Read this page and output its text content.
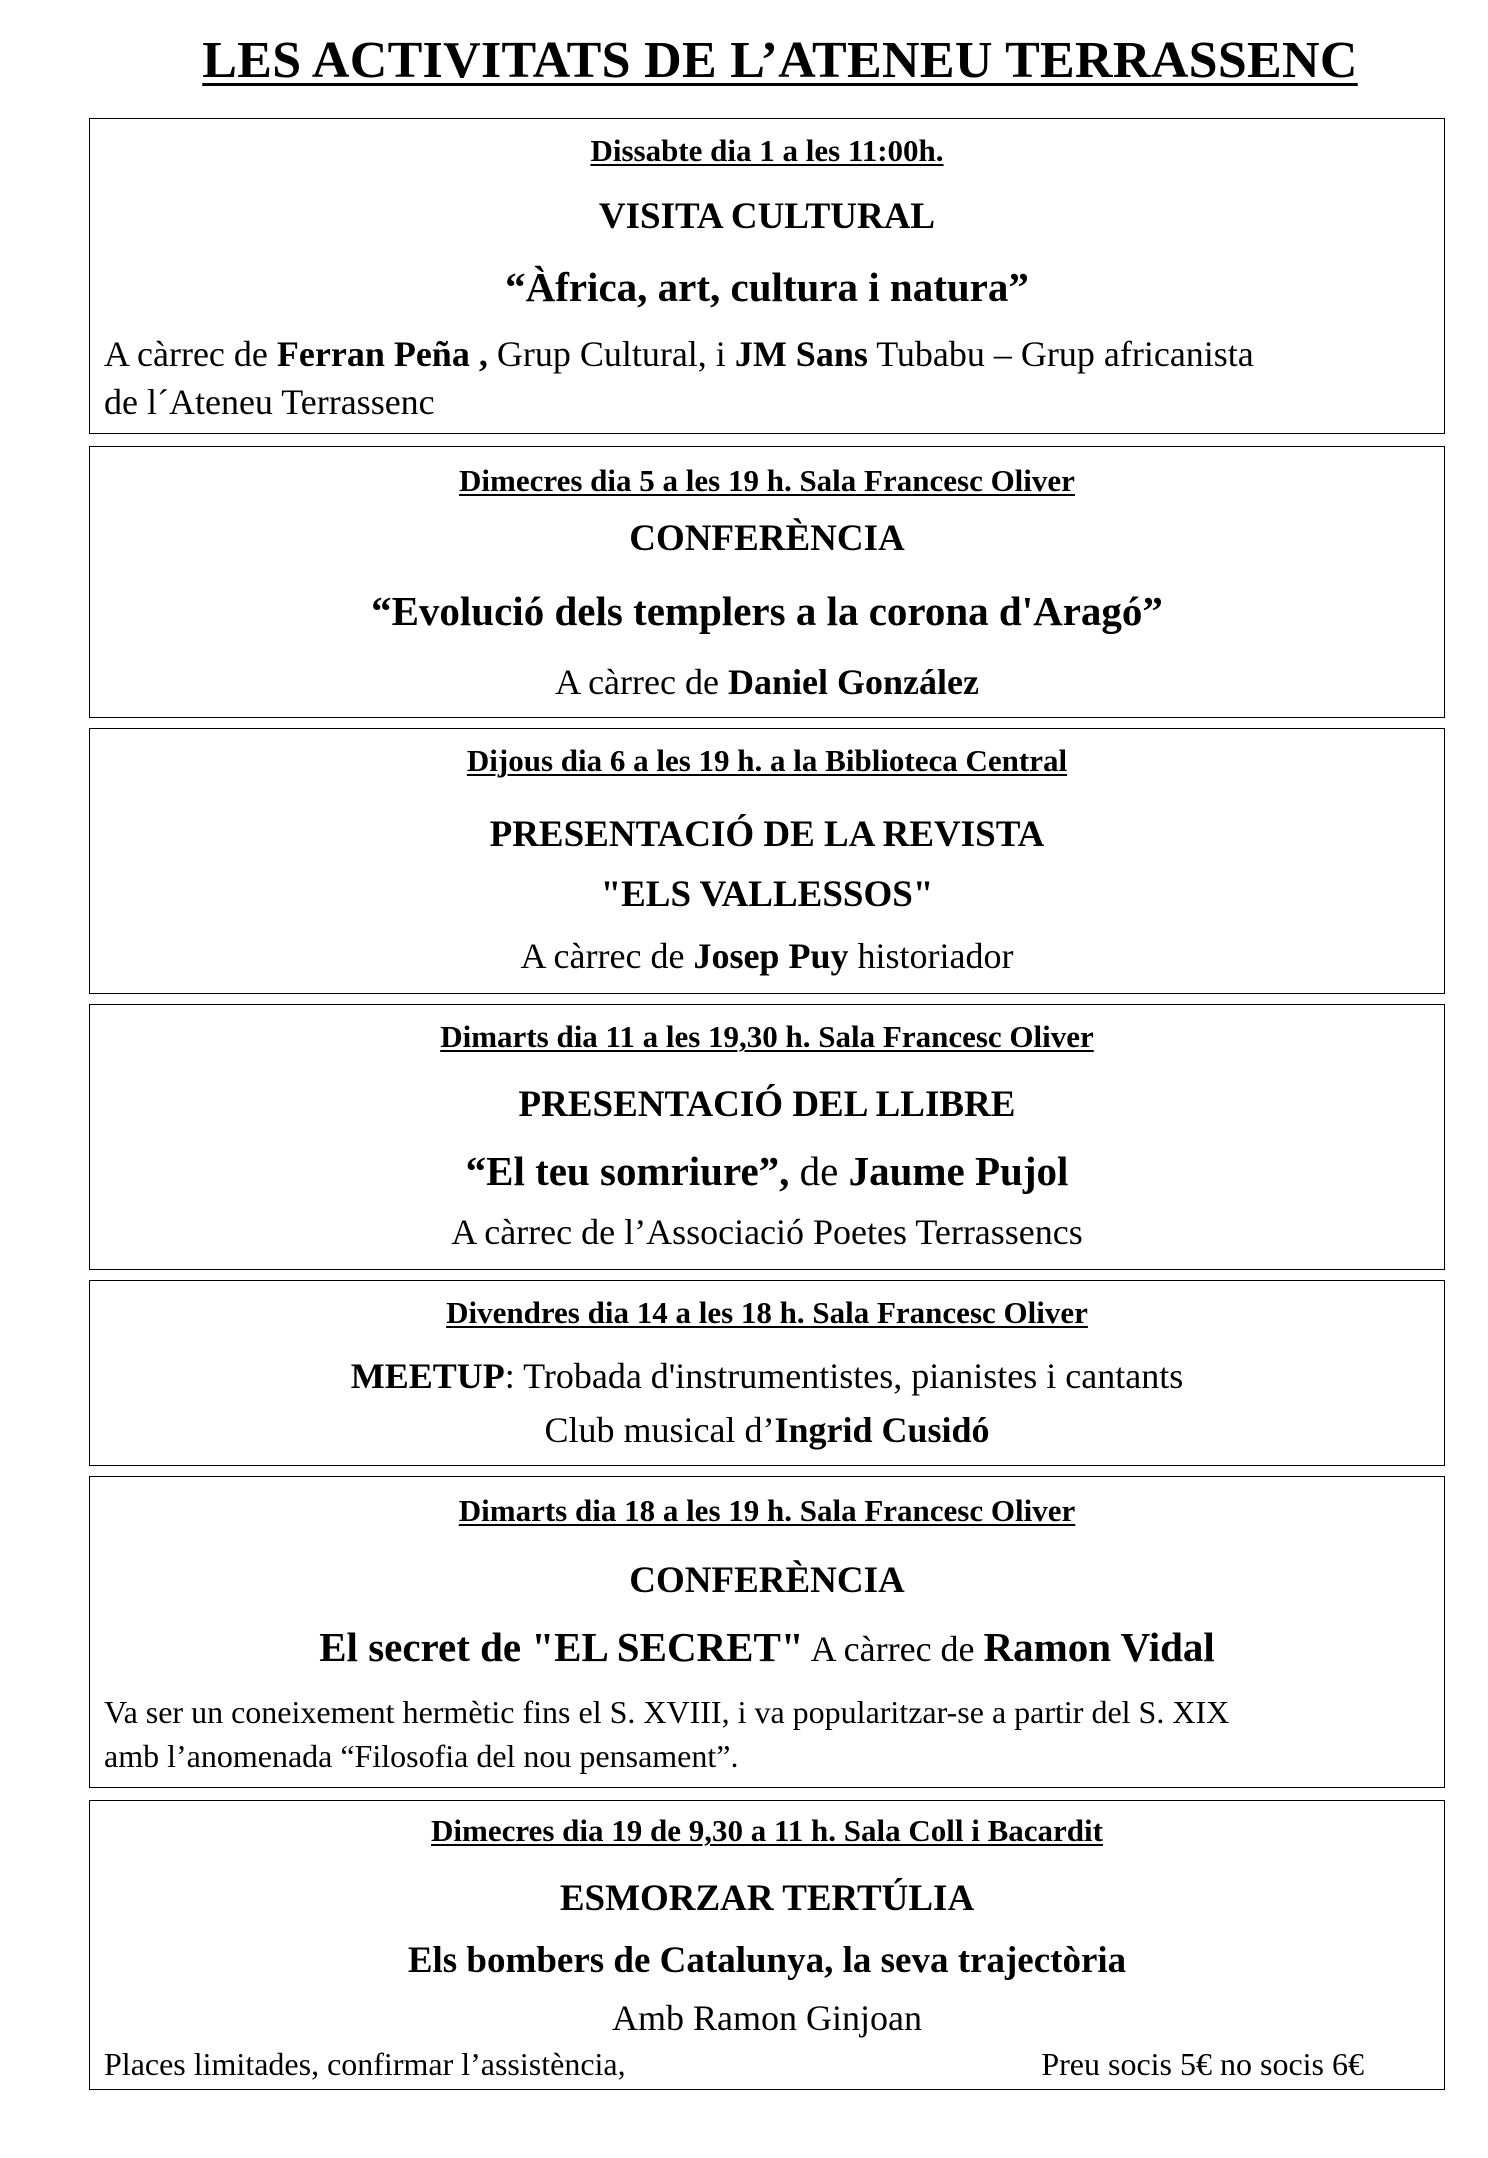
LES ACTIVITATS DE L’ATENEU TERRASSENC
Dissabte dia 1 a les 11:00h.
VISITA CULTURAL
“Àfrica, art, cultura i natura”
A càrrec de Ferran Peña , Grup Cultural, i JM Sans Tubabu – Grup africanista
de l´Ateneu Terrassenc
Dimecres dia 5 a les 19 h. Sala Francesc Oliver
CONFERÈNCIA
“Evolució dels templers a la corona d'Aragó”
A càrrec de Daniel González
Dijous dia 6 a les 19 h. a la Biblioteca Central
PRESENTACIÓ DE LA REVISTA
"ELS VALLESSOS"
A càrrec de Josep Puy historiador
Dimarts dia 11 a les 19,30 h. Sala Francesc Oliver
PRESENTACIÓ DEL LLIBRE
“El teu somriure”, de Jaume Pujol
A càrrec de l’Associació Poetes Terrassencs
Divendres dia 14 a les 18 h. Sala Francesc Oliver
MEETUP: Trobada d'instrumentistes, pianistes i cantants
Club musical d’Ingrid Cusidó
Dimarts dia 18 a les 19 h. Sala Francesc Oliver
CONFERÈNCIA
El secret de "EL SECRET" A càrrec de Ramon Vidal
Va ser un coneixement hermètic fins el S. XVIII, i va popularitzar-se a partir del S. XIX
amb l’anomenada “Filosofia del nou pensament”.
Dimecres dia 19 de 9,30 a 11 h. Sala Coll i Bacardit
ESMORZAR TERTÚLIA
Els bombers de Catalunya, la seva trajectòria
Amb Ramon Ginjoan
Places limitades, confirmar l’assistència,	Preu socis 5€ no socis 6€
